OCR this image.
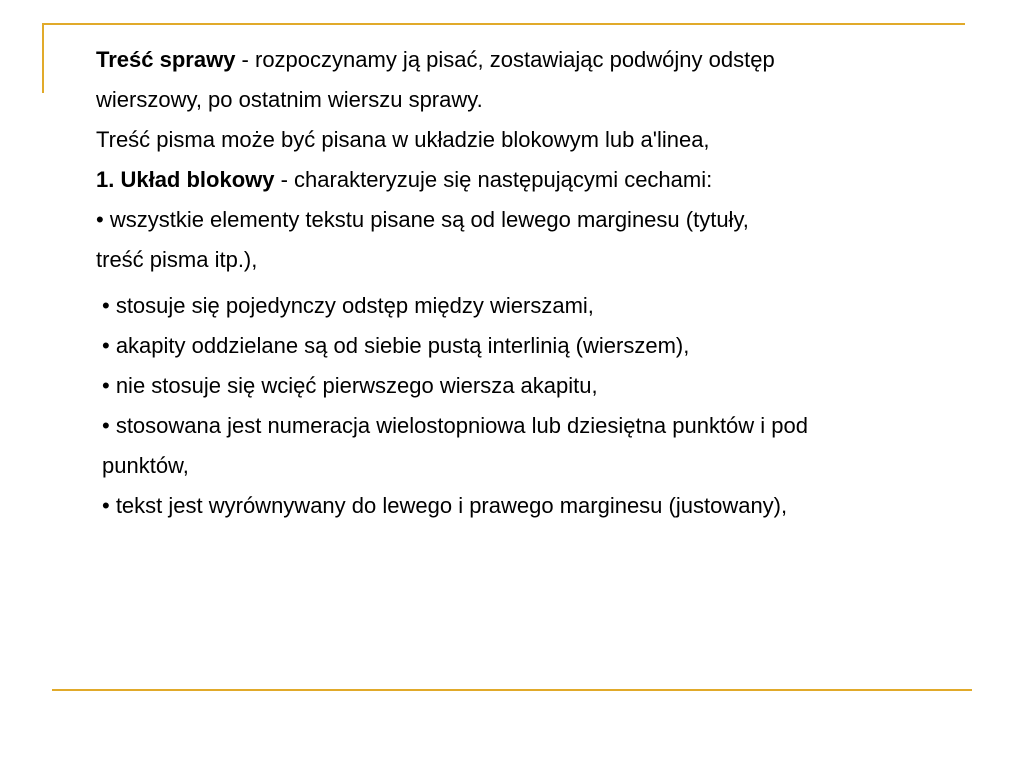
Treść sprawy - rozpoczynamy ją pisać, zostawiając podwójny odstęp
wierszowy, po ostatnim wierszu sprawy.
Treść pisma może być pisana w układzie blokowym lub a'linea,
1. Układ blokowy - charakteryzuje się następującymi cechami:
• wszystkie elementy tekstu pisane są od lewego marginesu (tytuły,
treść pisma itp.),
• stosuje się pojedynczy odstęp między wierszami,
• akapity oddzielane są od siebie pustą interlinią (wierszem),
• nie stosuje się wcięć pierwszego wiersza akapitu,
• stosowana jest numeracja wielostopniowa lub dziesiętna punktów i pod
punktów,
• tekst jest wyrównywany do lewego i prawego marginesu (justowany),
